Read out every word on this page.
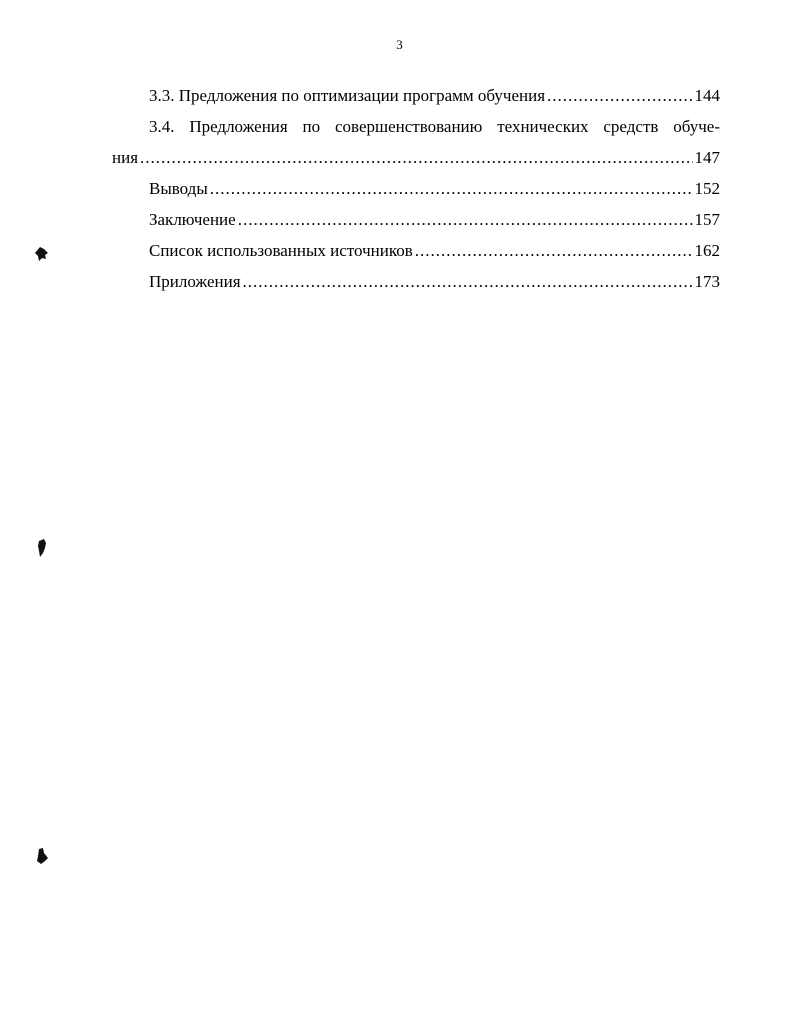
3
3.3. Предложения по оптимизации программ обучения .....	144
3.4. Предложения по совершенствованию технических средств обуче-
ния .....	147
Выводы .....	152
Заключение .....	157
Список использованных источников .....	162
Приложения .....	173
